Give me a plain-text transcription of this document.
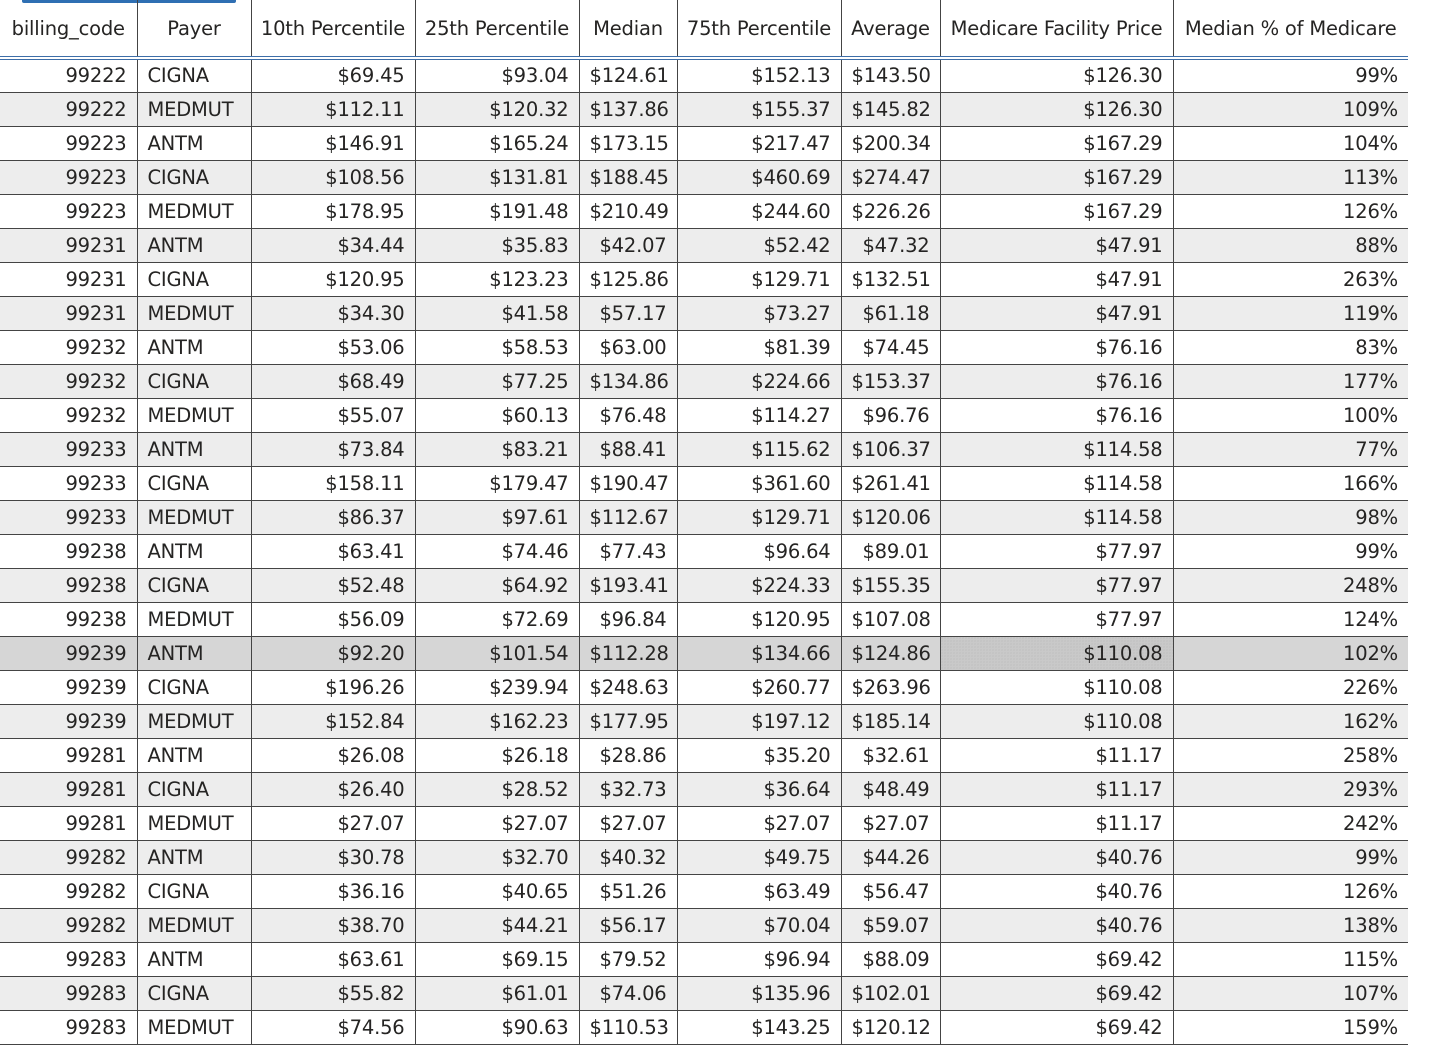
billing_code	Payer	10th Percentile	25th Percentile	Median	75th Percentile	Average	Medicare Facility Price	Median % of Medicare
99222	CIGNA	$69.45	$93.04	$124.61	$152.13	$143.50	$126.30	99%
99222	MEDMUT	$112.11	$120.32	$137.86	$155.37	$145.82	$126.30	109%
99223	ANTM	$146.91	$165.24	$173.15	$217.47	$200.34	$167.29	104%
99223	CIGNA	$108.56	$131.81	$188.45	$460.69	$274.47	$167.29	113%
99223	MEDMUT	$178.95	$191.48	$210.49	$244.60	$226.26	$167.29	126%
99231	ANTM	$34.44	$35.83	$42.07	$52.42	$47.32	$47.91	88%
99231	CIGNA	$120.95	$123.23	$125.86	$129.71	$132.51	$47.91	263%
99231	MEDMUT	$34.30	$41.58	$57.17	$73.27	$61.18	$47.91	119%
99232	ANTM	$53.06	$58.53	$63.00	$81.39	$74.45	$76.16	83%
99232	CIGNA	$68.49	$77.25	$134.86	$224.66	$153.37	$76.16	177%
99232	MEDMUT	$55.07	$60.13	$76.48	$114.27	$96.76	$76.16	100%
99233	ANTM	$73.84	$83.21	$88.41	$115.62	$106.37	$114.58	77%
99233	CIGNA	$158.11	$179.47	$190.47	$361.60	$261.41	$114.58	166%
99233	MEDMUT	$86.37	$97.61	$112.67	$129.71	$120.06	$114.58	98%
99238	ANTM	$63.41	$74.46	$77.43	$96.64	$89.01	$77.97	99%
99238	CIGNA	$52.48	$64.92	$193.41	$224.33	$155.35	$77.97	248%
99238	MEDMUT	$56.09	$72.69	$96.84	$120.95	$107.08	$77.97	124%
99239	ANTM	$92.20	$101.54	$112.28	$134.66	$124.86	$110.08	102%
99239	CIGNA	$196.26	$239.94	$248.63	$260.77	$263.96	$110.08	226%
99239	MEDMUT	$152.84	$162.23	$177.95	$197.12	$185.14	$110.08	162%
99281	ANTM	$26.08	$26.18	$28.86	$35.20	$32.61	$11.17	258%
99281	CIGNA	$26.40	$28.52	$32.73	$36.64	$48.49	$11.17	293%
99281	MEDMUT	$27.07	$27.07	$27.07	$27.07	$27.07	$11.17	242%
99282	ANTM	$30.78	$32.70	$40.32	$49.75	$44.26	$40.76	99%
99282	CIGNA	$36.16	$40.65	$51.26	$63.49	$56.47	$40.76	126%
99282	MEDMUT	$38.70	$44.21	$56.17	$70.04	$59.07	$40.76	138%
99283	ANTM	$63.61	$69.15	$79.52	$96.94	$88.09	$69.42	115%
99283	CIGNA	$55.82	$61.01	$74.06	$135.96	$102.01	$69.42	107%
99283	MEDMUT	$74.56	$90.63	$110.53	$143.25	$120.12	$69.42	159%
